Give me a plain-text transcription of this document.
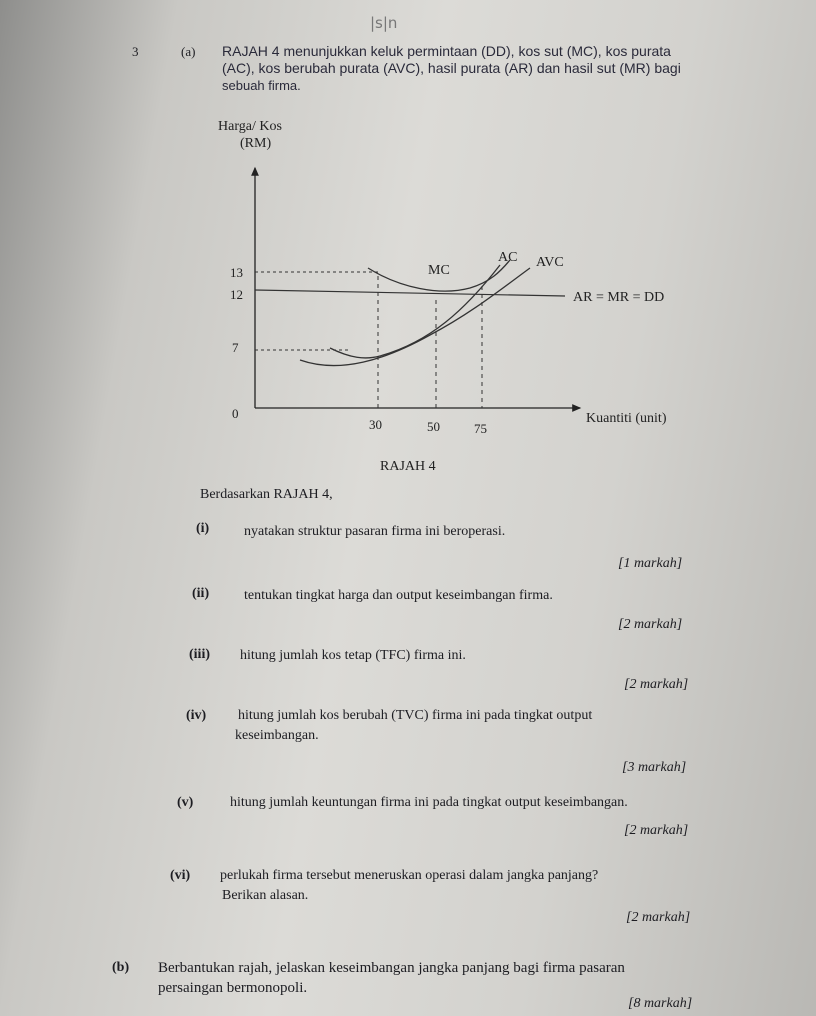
|s|n
3	(a) RAJAH 4 menunjukkan keluk permintaan (DD), kos sut (MC), kos purata
(AC), kos berubah purata (AVC), hasil purata (AR) dan hasil sut (MR) bagi
sebuah firma.
Harga/ Kos
(RM)
13
12
7
0
MC
AC AVC
AR = MR = DD
30	50	75
Kuantiti (unit)
RAJAH 4
Berdasarkan RAJAH 4,
(i) nyatakan struktur pasaran firma ini beroperasi.
[1 markah]
(ii) tentukan tingkat harga dan output keseimbangan firma.
[2 markah]
(iii) hitung jumlah kos tetap (TFC) firma ini.
[2 markah]
(iv) hitung jumlah kos berubah (TVC) firma ini pada tingkat output
keseimbangan.
[3 markah]
(v)	hitung jumlah keuntungan firma ini pada tingkat output keseimbangan.
[2 markah]
(vi) perlukah firma tersebut meneruskan operasi dalam jangka panjang?
Berikan alasan.
[2 markah]
(b) Berbantukan rajah, jelaskan keseimbangan jangka panjang bagi firma pasaran
persaingan bermonopoli.
[8 markah]
